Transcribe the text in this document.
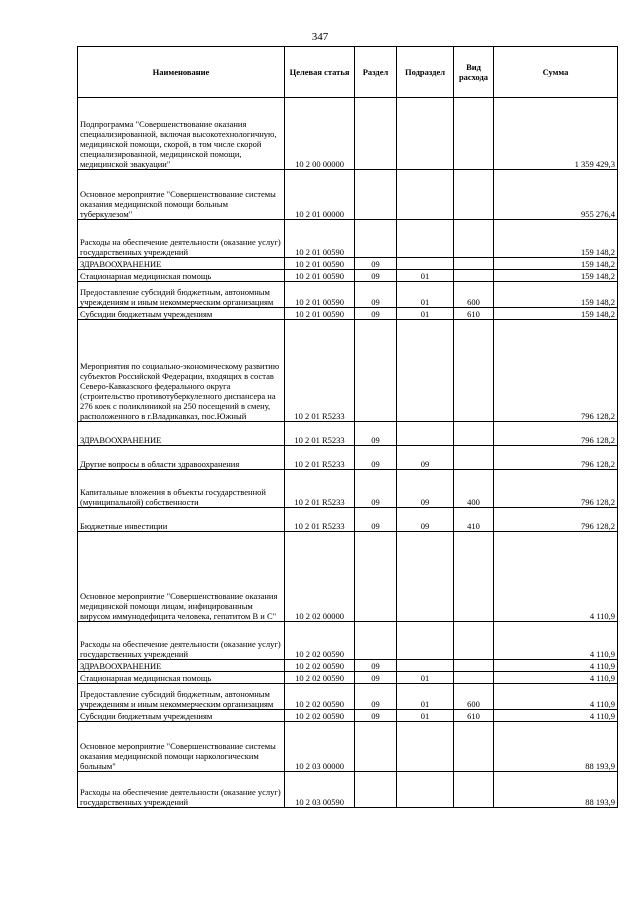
347
Наименование	Целевая статья	Раздел	Подраздел	Вид расхода	Сумма
Подпрограмма "Совершенствование оказания специализированной, включая высокотехнологичную, медицинской помощи, скорой, в том числе скорой специализированной, медицинской помощи, медицинской эвакуации"	10 2 00 00000				1 359 429,3
Основное мероприятие "Совершенствование системы оказания медицинской помощи больным туберкулезом"	10 2 01 00000				955 276,4
Расходы на обеспечение деятельности (оказание услуг) государственных учреждений	10 2 01 00590				159 148,2
ЗДРАВООХРАНЕНИЕ	10 2 01 00590	09			159 148,2
Стационарная медицинская помощь	10 2 01 00590	09	01		159 148,2
Предоставление субсидий бюджетным, автономным учреждениям и иным некоммерческим организациям	10 2 01 00590	09	01	600	159 148,2
Субсидии бюджетным учреждениям	10 2 01 00590	09	01	610	159 148,2
Мероприятия по социально-экономическому развитию субъектов Российской Федерации, входящих в состав Северо-Кавказского федерального округа (строительство противотуберкулезного диспансера на 276 коек с поликлиникой на 250 посещений в смену, расположенного в г.Владикавказ, пос.Южный	10 2 01 R5233				796 128,2
ЗДРАВООХРАНЕНИЕ	10 2 01 R5233	09			796 128,2
Другие вопросы в области здравоохранения	10 2 01 R5233	09	09		796 128,2
Капитальные вложения в объекты государственной (муниципальной) собственности	10 2 01 R5233	09	09	400	796 128,2
Бюджетные инвестиции	10 2 01 R5233	09	09	410	796 128,2
Основное мероприятие "Совершенствование оказания медицинской помощи лицам, инфицированным вирусом иммунодефицита человека, гепатитом В и С"	10 2 02 00000				4 110,9
Расходы на обеспечение деятельности (оказание услуг) государственных учреждений	10 2 02 00590				4 110,9
ЗДРАВООХРАНЕНИЕ	10 2 02 00590	09			4 110,9
Стационарная медицинская помощь	10 2 02 00590	09	01		4 110,9
Предоставление субсидий бюджетным, автономным учреждениям и иным некоммерческим организациям	10 2 02 00590	09	01	600	4 110,9
Субсидии бюджетным учреждениям	10 2 02 00590	09	01	610	4 110,9
Основное мероприятие "Совершенствование системы оказания медицинской помощи наркологическим больным"	10 2 03 00000				88 193,9
Расходы на обеспечение деятельности (оказание услуг) государственных учреждений	10 2 03 00590				88 193,9
